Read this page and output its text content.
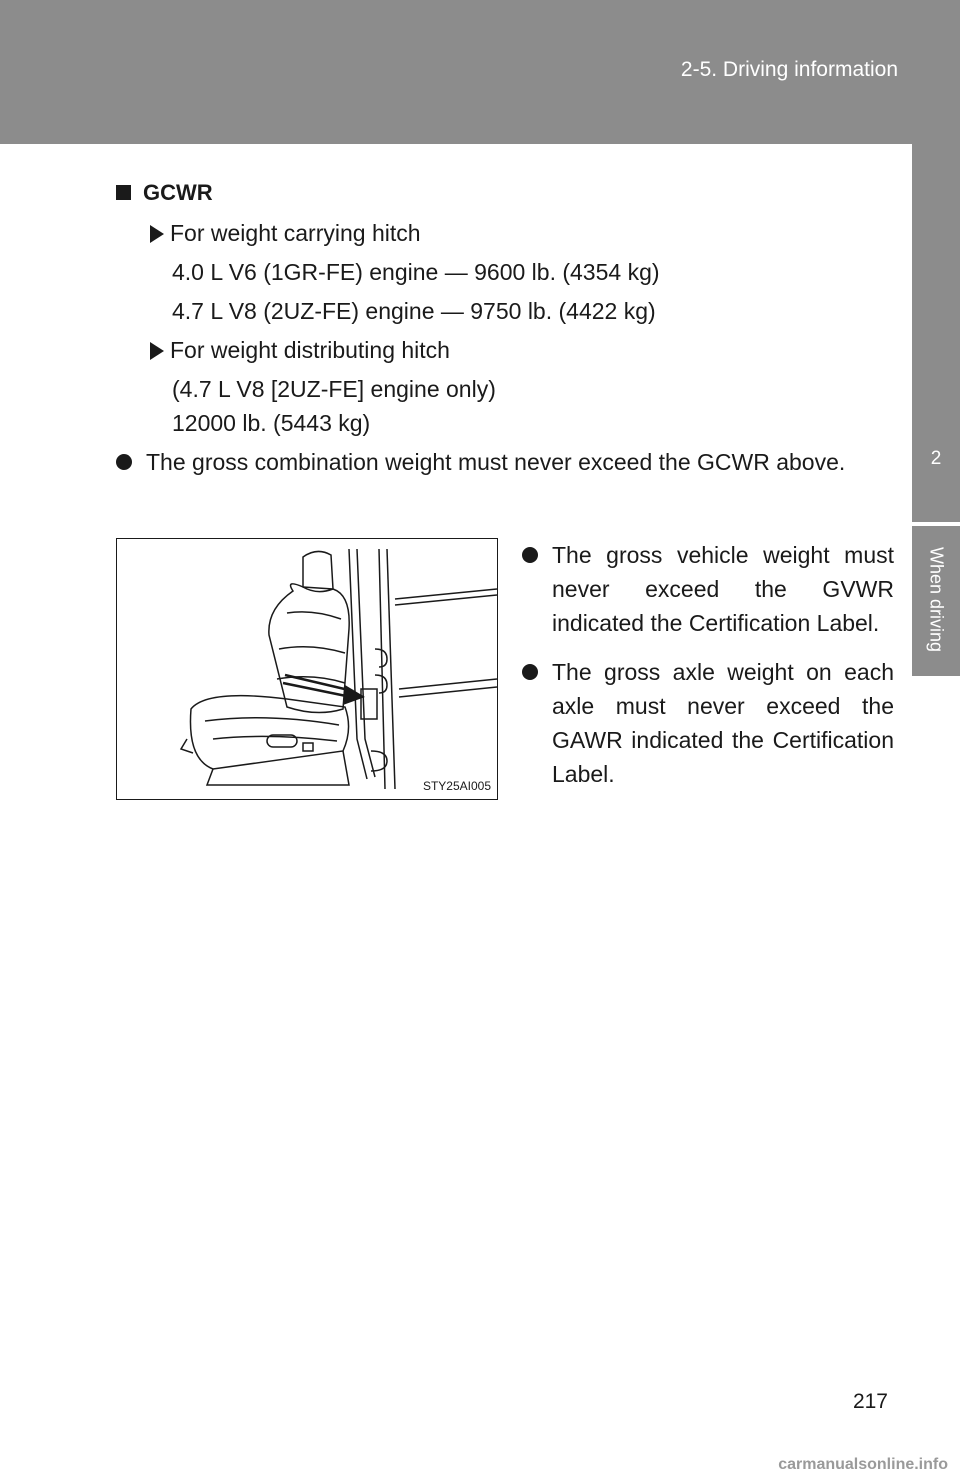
2-5. Driving information
2
When driving
GCWR
For weight carrying hitch
4.0 L V6 (1GR-FE) engine — 9600 lb. (4354 kg)
4.7 L V8 (2UZ-FE) engine — 9750 lb. (4422 kg)
For weight distributing hitch
(4.7 L V8 [2UZ-FE] engine only)
12000 lb. (5443 kg)
The gross combination weight must never exceed the GCWR above.
STY25AI005
The gross vehicle weight must never exceed the GVWR indicated the Certification Label.
The gross axle weight on each axle must never exceed the GAWR indicated the Certification Label.
217
carmanualsonline.info
